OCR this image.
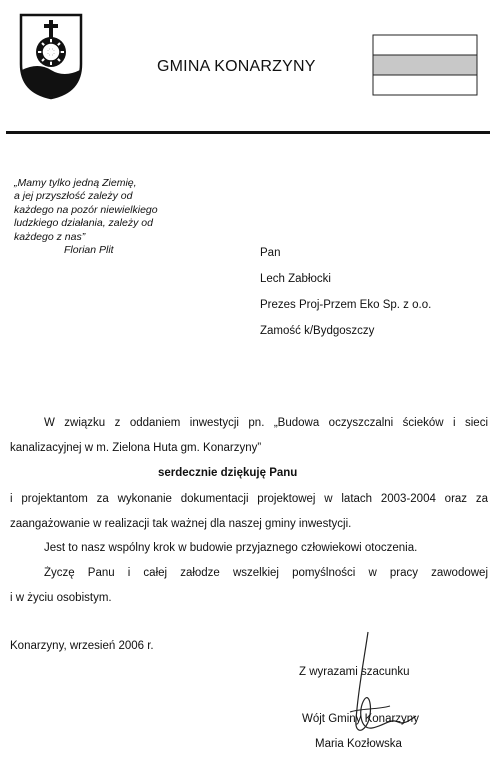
GMINA KONARZYNY
„Mamy tylko jedną Ziemię,
a jej przyszłość zależy od
każdego na pozór niewielkiego
ludzkiego działania, zależy od
każdego z nas”
Florian Plit	Pan
Lech Zabłocki
Prezes Proj-Przem Eko Sp. z o.o.
Zamość k/Bydgoszczy
W związku z oddaniem inwestycji pn. „Budowa oczyszczalni ścieków i sieci
kanalizacyjnej w m. Zielona Huta gm. Konarzyny”
serdecznie dziękuję Panu
i projektantom za wykonanie dokumentacji projektowej w latach 2003-2004 oraz za
zaangażowanie w realizacji tak ważnej dla naszej gminy inwestycji.
Jest to nasz wspólny krok w budowie przyjaznego człowiekowi otoczenia.
Życzę Panu i całej załodze wszelkiej pomyślności w pracy zawodowej
i w życiu osobistym.
Konarzyny, wrzesień 2006 r.
Z wyrazami szacunku
Wójt Gminy Konarzyny
Maria Kozłowska
